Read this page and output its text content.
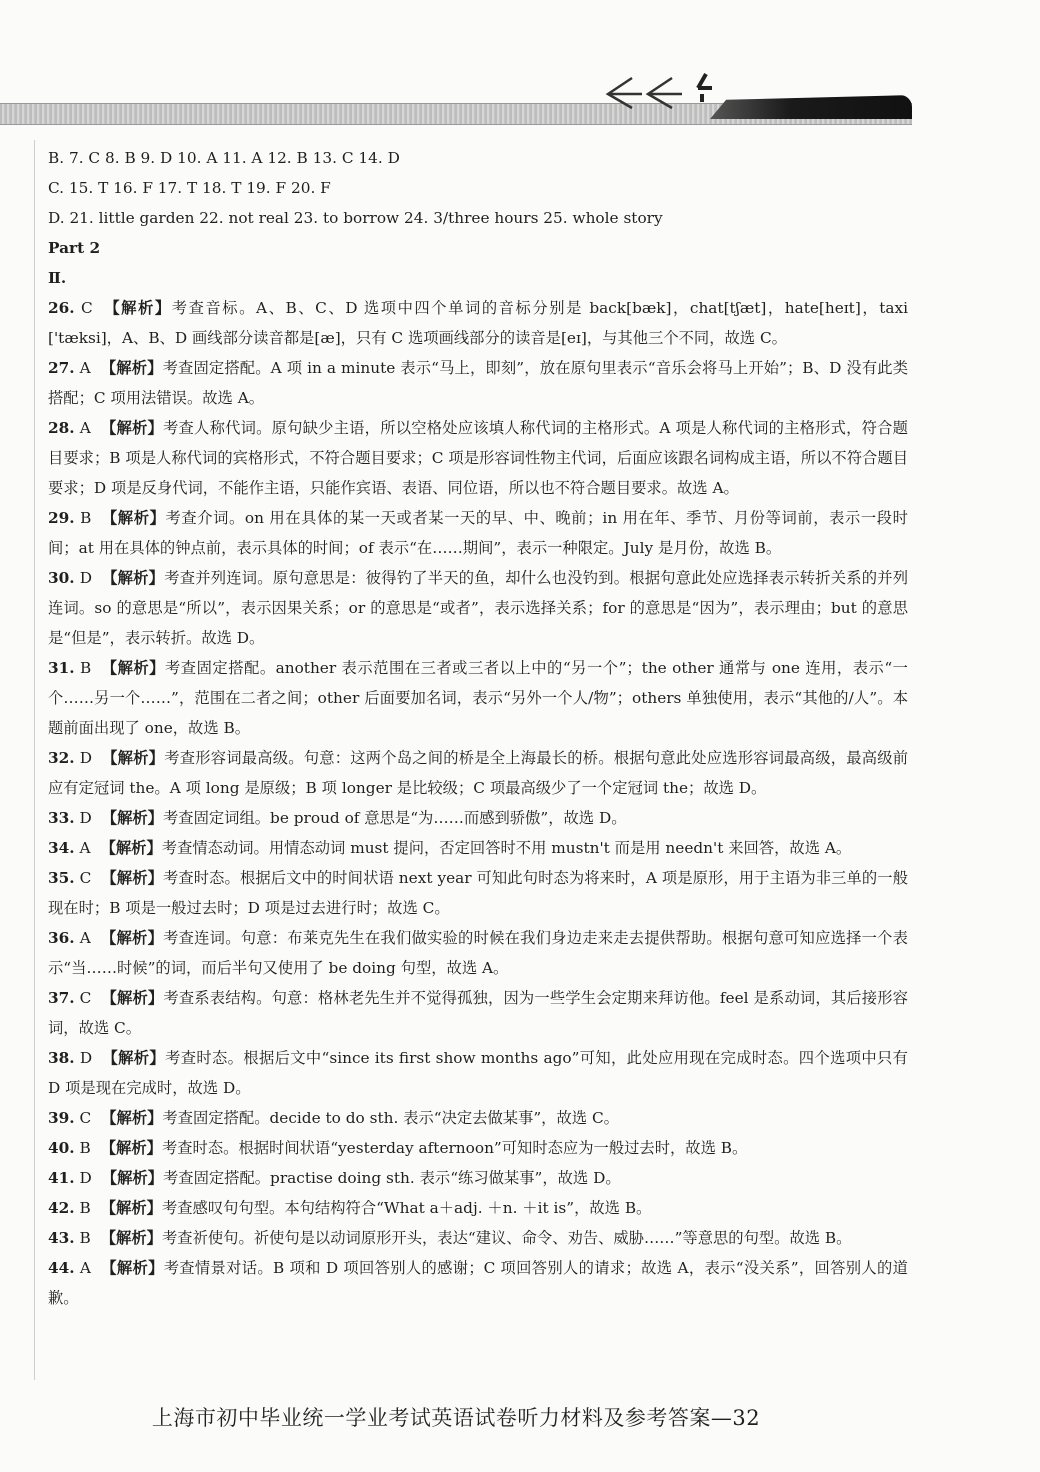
B. 7. C 8. B 9. D 10. A 11. A 12. B 13. C 14. D
C. 15. T 16. F 17. T 18. T 19. F 20. F
D. 21. little garden 22. not real 23. to borrow 24. 3/three hours 25. whole story
Part 2
Ⅱ.
26. C 【解析】考查音标。A、B、C、D 选项中四个单词的音标分别是 back[bæk]，chat[tʃæt]，hate[heɪt]，taxi ['tæksi]，A、B、D 画线部分读音都是[æ]，只有 C 选项画线部分的读音是[eɪ]，与其他三个不同，故选 C。
27. A 【解析】考查固定搭配。A 项 in a minute 表示“马上，即刻”，放在原句里表示“音乐会将马上开始”；B、D 没有此类搭配；C 项用法错误。故选 A。
28. A 【解析】考查人称代词。原句缺少主语，所以空格处应该填人称代词的主格形式。A 项是人称代词的主格形式，符合题目要求；B 项是人称代词的宾格形式，不符合题目要求；C 项是形容词性物主代词，后面应该跟名词构成主语，所以不符合题目要求；D 项是反身代词，不能作主语，只能作宾语、表语、同位语，所以也不符合题目要求。故选 A。
29. B 【解析】考查介词。on 用在具体的某一天或者某一天的早、中、晚前；in 用在年、季节、月份等词前，表示一段时间；at 用在具体的钟点前，表示具体的时间；of 表示“在……期间”，表示一种限定。July 是月份，故选 B。
30. D 【解析】考查并列连词。原句意思是：彼得钓了半天的鱼，却什么也没钓到。根据句意此处应选择表示转折关系的并列连词。so 的意思是“所以”，表示因果关系；or 的意思是“或者”，表示选择关系；for 的意思是“因为”，表示理由；but 的意思是“但是”，表示转折。故选 D。
31. B 【解析】考查固定搭配。another 表示范围在三者或三者以上中的“另一个”；the other 通常与 one 连用，表示“一个……另一个……”，范围在二者之间；other 后面要加名词，表示“另外一个人/物”；others 单独使用，表示“其他的/人”。本题前面出现了 one，故选 B。
32. D 【解析】考查形容词最高级。句意：这两个岛之间的桥是全上海最长的桥。根据句意此处应选形容词最高级，最高级前应有定冠词 the。A 项 long 是原级；B 项 longer 是比较级；C 项最高级少了一个定冠词 the；故选 D。
33. D 【解析】考查固定词组。be proud of 意思是“为……而感到骄傲”，故选 D。
34. A 【解析】考查情态动词。用情态动词 must 提问，否定回答时不用 mustn't 而是用 needn't 来回答，故选 A。
35. C 【解析】考查时态。根据后文中的时间状语 next year 可知此句时态为将来时，A 项是原形，用于主语为非三单的一般现在时；B 项是一般过去时；D 项是过去进行时；故选 C。
36. A 【解析】考查连词。句意：布莱克先生在我们做实验的时候在我们身边走来走去提供帮助。根据句意可知应选择一个表示“当……时候”的词，而后半句又使用了 be doing 句型，故选 A。
37. C 【解析】考查系表结构。句意：格林老先生并不觉得孤独，因为一些学生会定期来拜访他。feel 是系动词，其后接形容词，故选 C。
38. D 【解析】考查时态。根据后文中“since its first show months ago”可知，此处应用现在完成时态。四个选项中只有 D 项是现在完成时，故选 D。
39. C 【解析】考查固定搭配。decide to do sth. 表示“决定去做某事”，故选 C。
40. B 【解析】考查时态。根据时间状语“yesterday afternoon”可知时态应为一般过去时，故选 B。
41. D 【解析】考查固定搭配。practise doing sth. 表示“练习做某事”，故选 D。
42. B 【解析】考查感叹句句型。本句结构符合“What a＋adj. ＋n. ＋it is”，故选 B。
43. B 【解析】考查祈使句。祈使句是以动词原形开头，表达“建议、命令、劝告、威胁……”等意思的句型。故选 B。
44. A 【解析】考查情景对话。B 项和 D 项回答别人的感谢；C 项回答别人的请求；故选 A，表示“没关系”，回答别人的道歉。
上海市初中毕业统一学业考试英语试卷听力材料及参考答案—32
